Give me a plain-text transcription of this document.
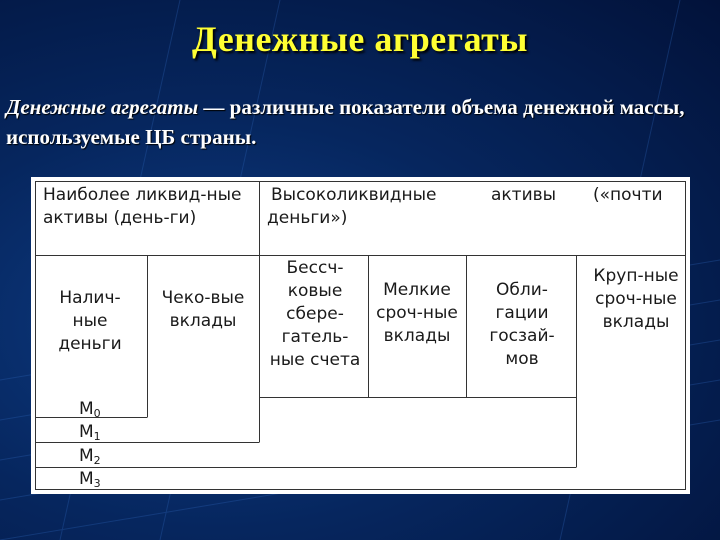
Денежные агрегаты
Денежные агрегаты — различные показатели объема денежной массы, используемые ЦБ страны.
Наиболее ликвид-ные активы (день-ги)
Высоколиквидные	активы («почти
деньги»)
Налич-ные деньги
Чеко-вые вклады
Бессч-ковые сбере-гатель-ные счета
Мелкие сроч-ные вклады
Обли-гации госзай-мов
Круп-ные сроч-ные вклады
$М_0$
$М_1$
$М_2$
$М_3$
